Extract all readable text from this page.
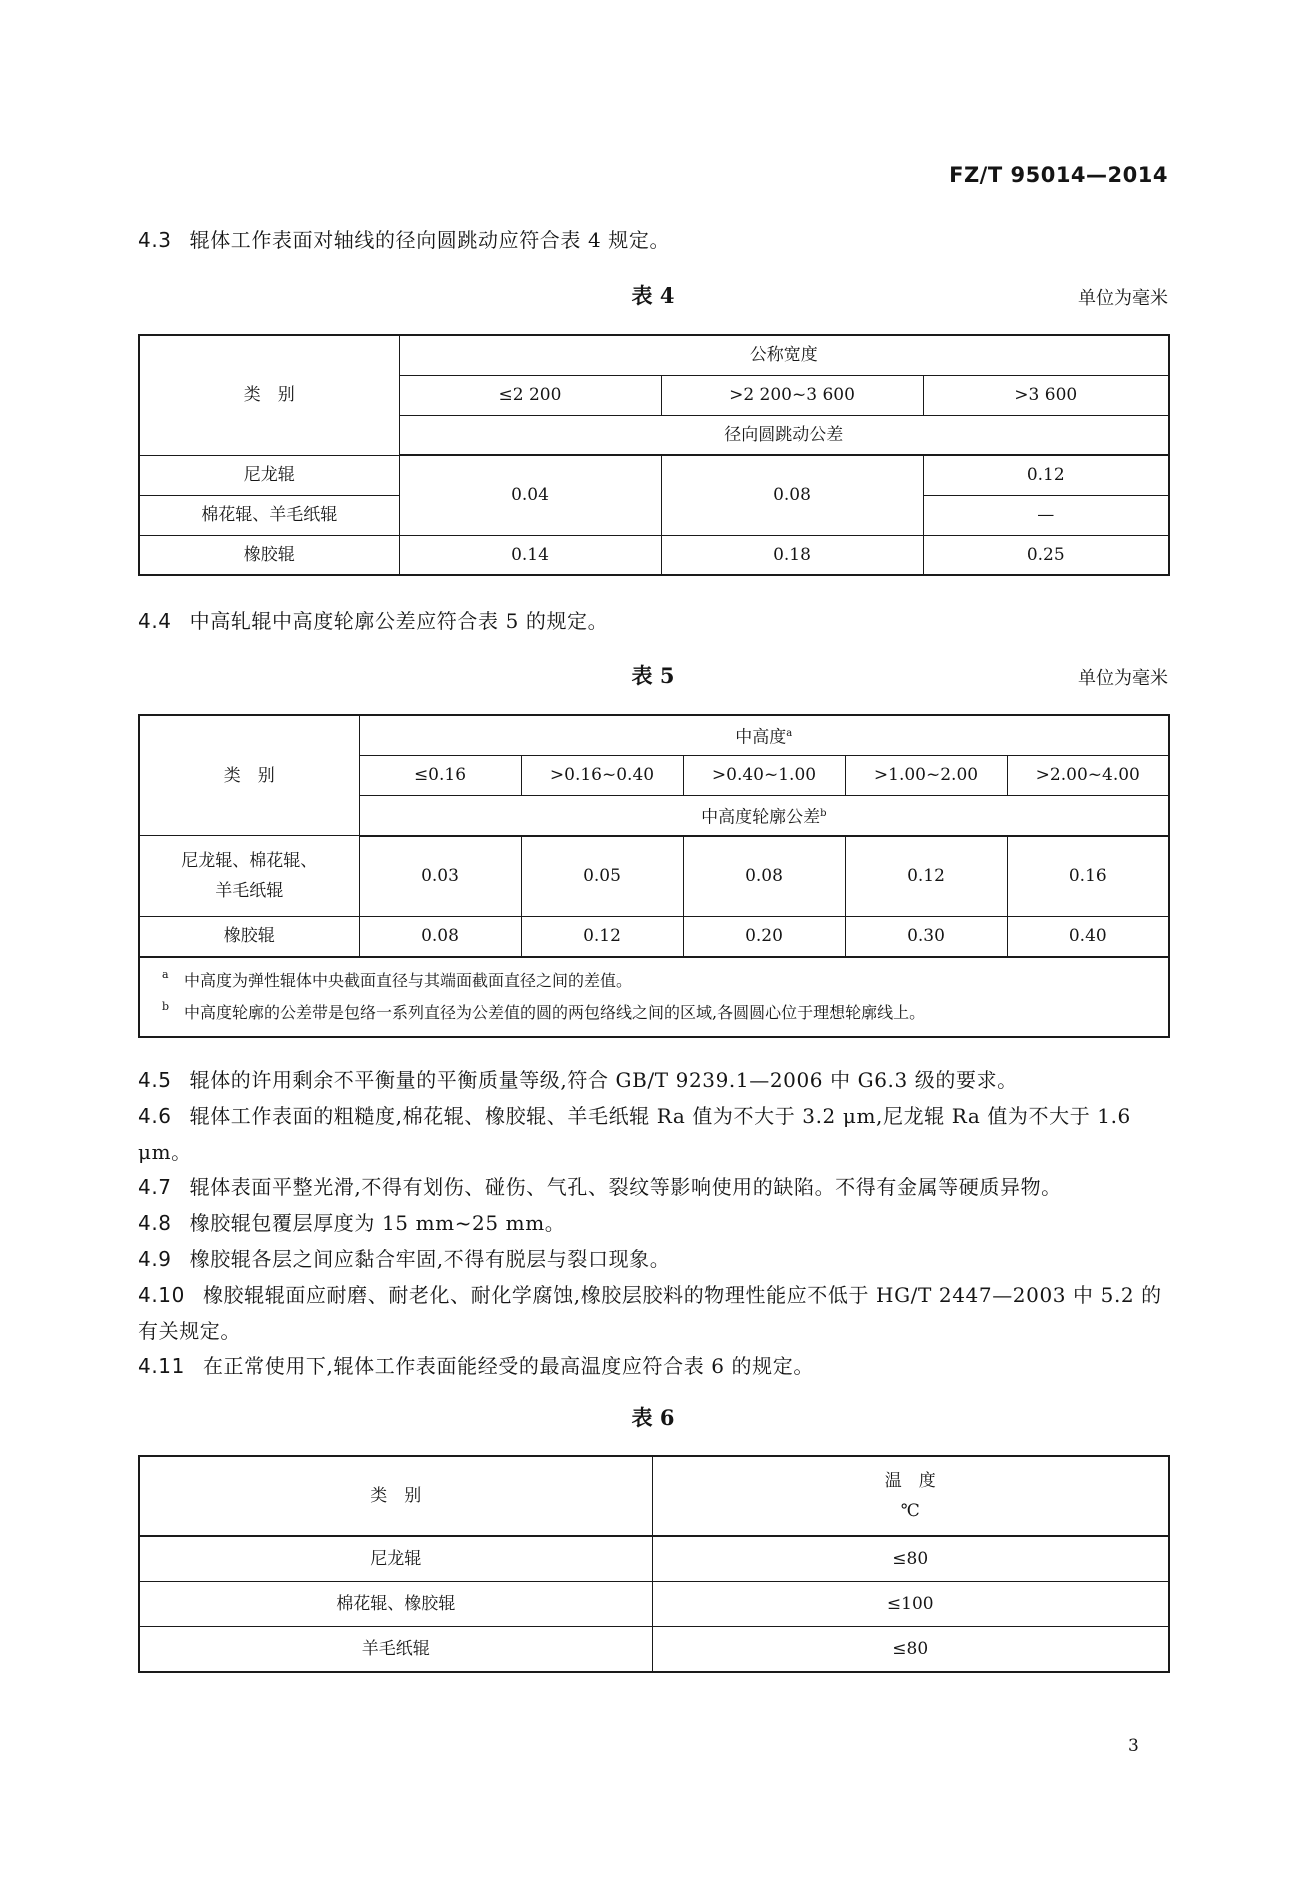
FZ/T 95014—2014
4.3 辊体工作表面对轴线的径向圆跳动应符合表 4 规定。
表 4	单位为毫米
类　别	公称宽度		
	≤2 200	>2 200~3 600	>3 600
	径向圆跳动公差		
尼龙辊	0.04	0.08	0.12
棉花辊、羊毛纸辊			—
橡胶辊	0.14	0.18	0.25
4.4 中高轧辊中高度轮廓公差应符合表 5 的规定。
表 5	单位为毫米
类　别	中高度$^a$
	≤0.16	>0.16~0.40	>0.40~1.00	>1.00~2.00	>2.00~4.00
	中高度轮廓公差$^b$

尼龙辊、棉花辊、
羊毛纸辊	0.03	0.05	0.08	0.12	0.16
橡胶辊	0.08	0.12	0.20	0.30	0.40

a 中高度为弹性辊体中央截面直径与其端面截面直径之间的差值。
b 中高度轮廓的公差带是包络一系列直径为公差值的圆的两包络线之间的区域,各圆圆心位于理想轮廓线上。					
4.5 辊体的许用剩余不平衡量的平衡质量等级,符合 GB/T 9239.1—2006 中 G6.3 级的要求。
4.6 辊体工作表面的粗糙度,棉花辊、橡胶辊、羊毛纸辊 Ra 值为不大于 3.2 μm,尼龙辊 Ra 值为不大于 1.6 μm。
4.7 辊体表面平整光滑,不得有划伤、碰伤、气孔、裂纹等影响使用的缺陷。不得有金属等硬质异物。
4.8 橡胶辊包覆层厚度为 15 mm~25 mm。
4.9 橡胶辊各层之间应黏合牢固,不得有脱层与裂口现象。
4.10 橡胶辊辊面应耐磨、耐老化、耐化学腐蚀,橡胶层胶料的物理性能应不低于 HG/T 2447—2003 中 5.2 的有关规定。
4.11 在正常使用下,辊体工作表面能经受的最高温度应符合表 6 的规定。
表 6
类　别	温　度
℃

尼龙辊	≤80
棉花辊、橡胶辊	≤100
羊毛纸辊	≤80
3
